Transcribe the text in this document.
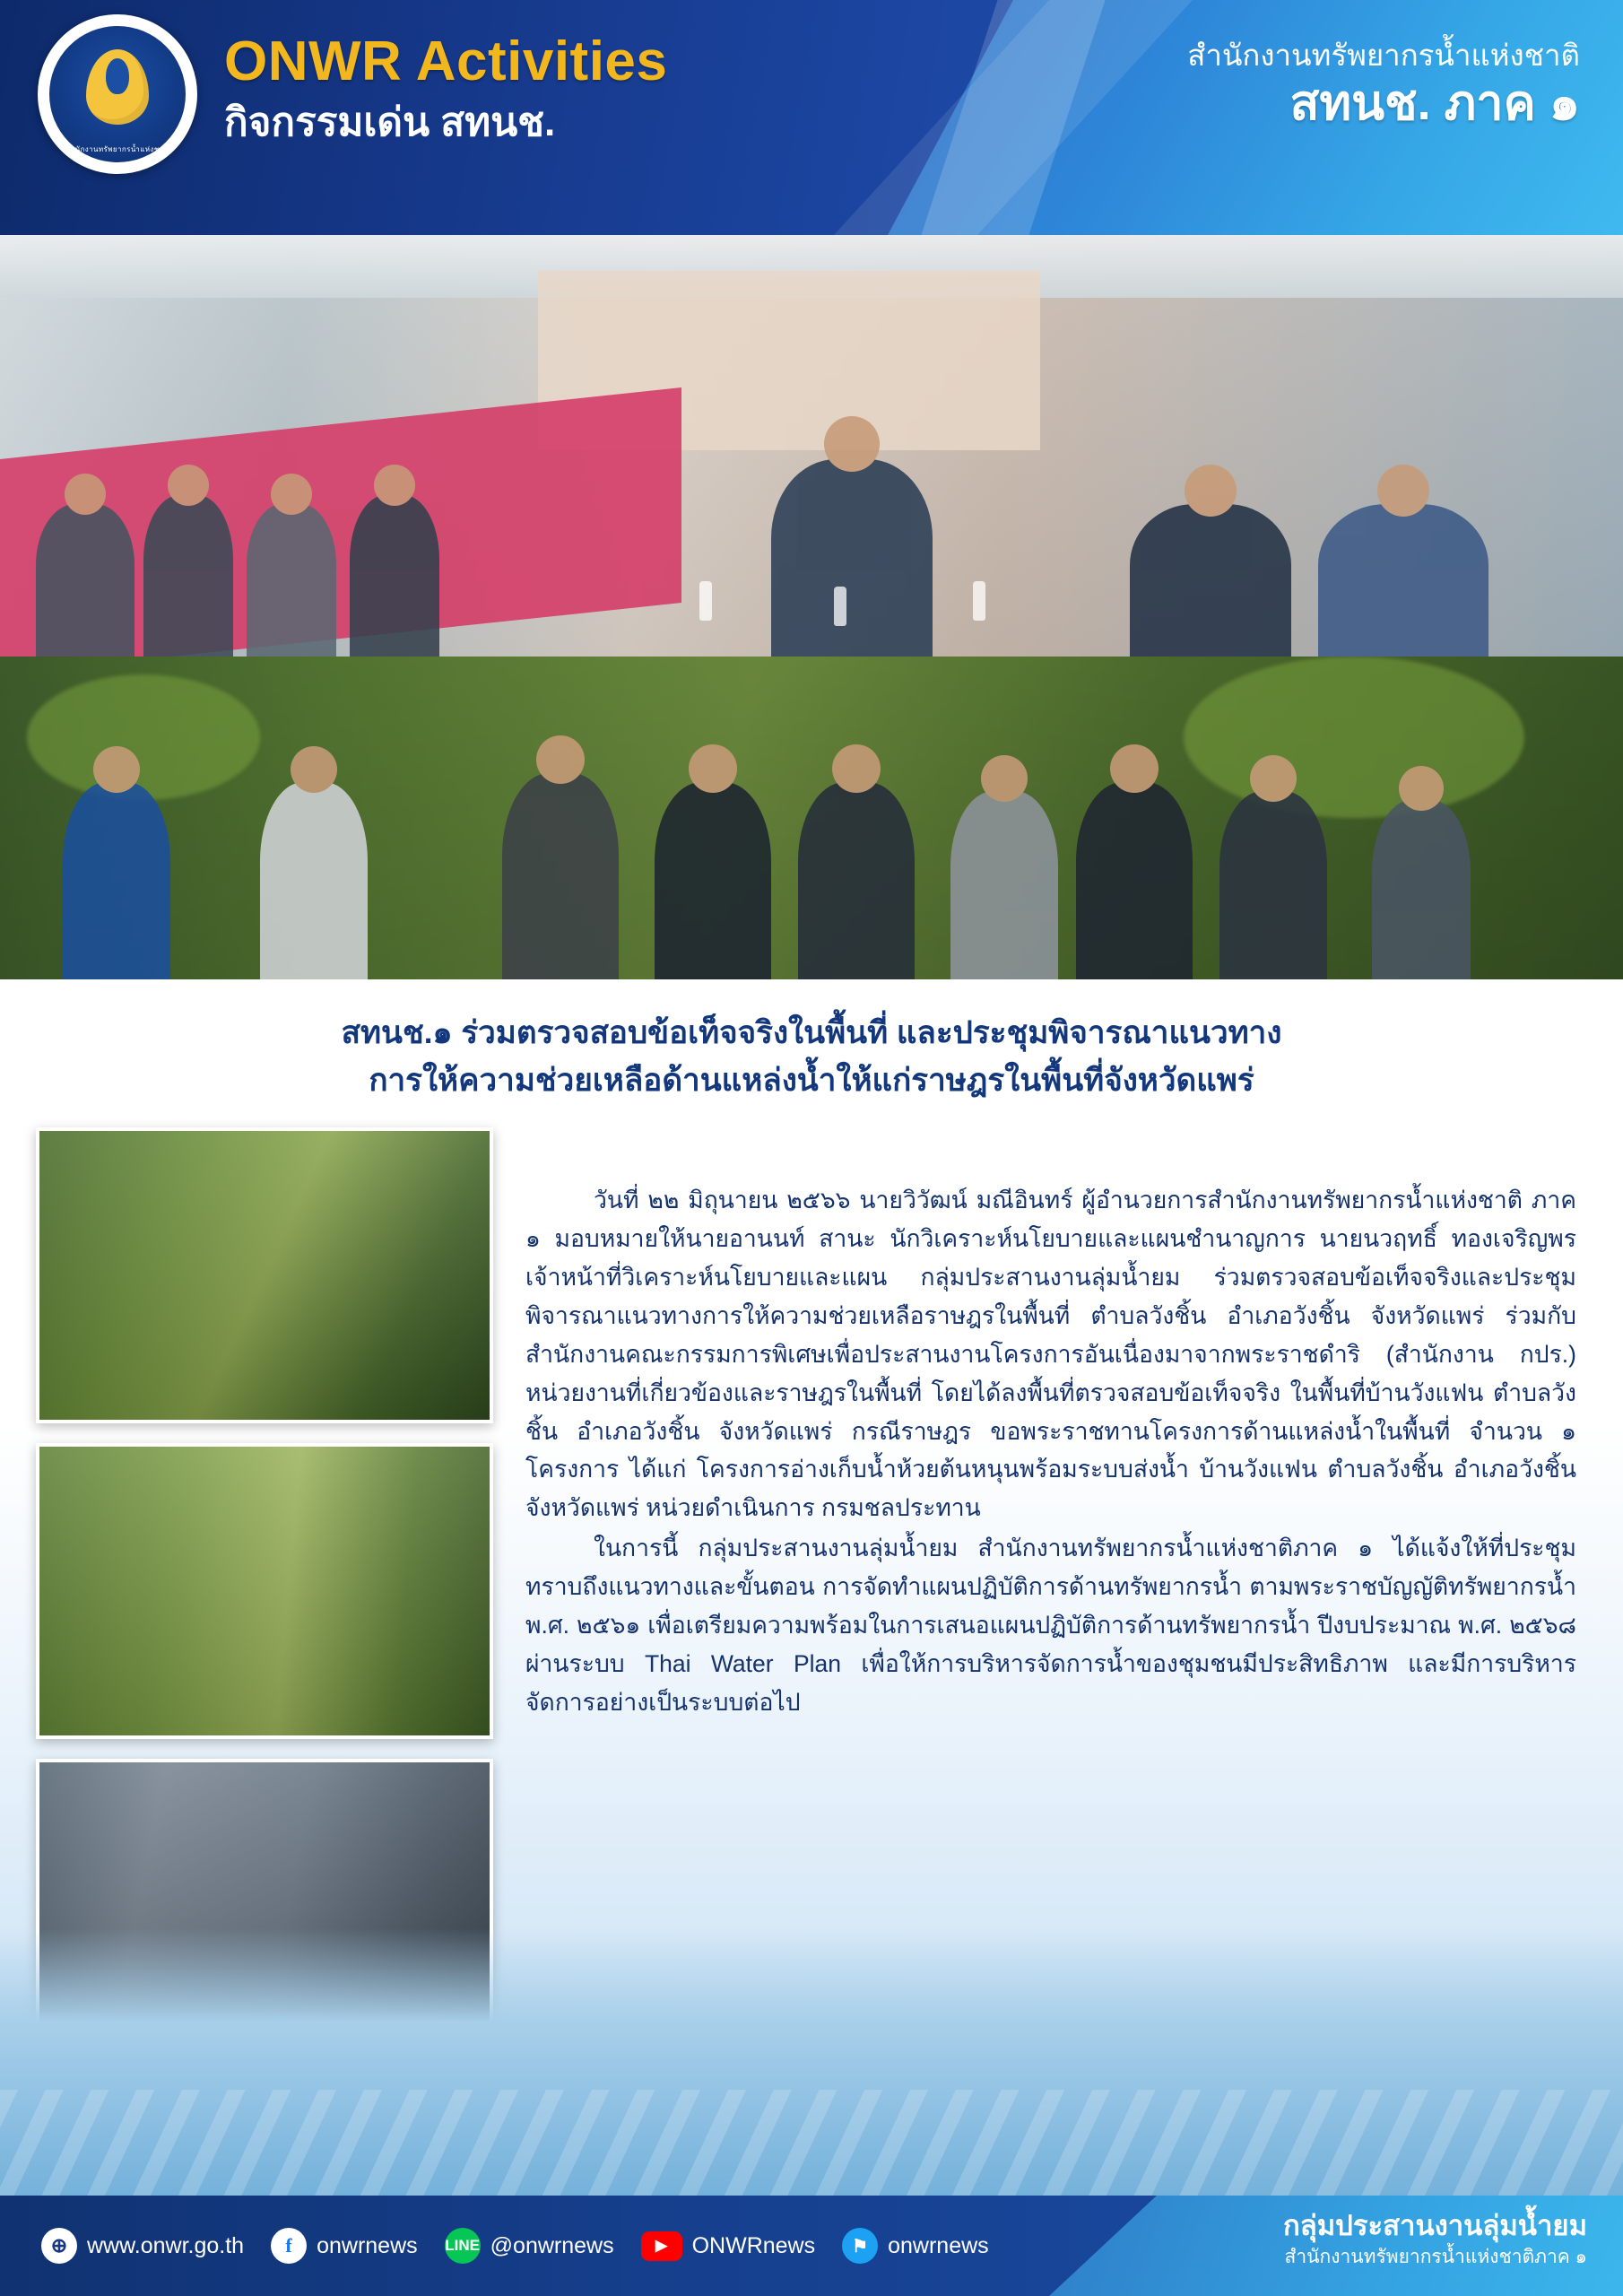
สำนักงานทรัพยากรน้ำแห่งชาติ
ONWR Activities
กิจกรรมเด่น สทนช.
สำนักงานทรัพยากรน้ำแห่งชาติ
สทนช. ภาค ๑
สทนช.๑ ร่วมตรวจสอบข้อเท็จจริงในพื้นที่ และประชุมพิจารณาแนวทาง
การให้ความช่วยเหลือด้านแหล่งน้ำให้แก่ราษฎรในพื้นที่จังหวัดแพร่

วันที่ ๒๒ มิถุนายน ๒๕๖๖ นายวิวัฒน์ มณีอินทร์ ผู้อำนวยการสำนักงานทรัพยากรน้ำแห่งชาติ ภาค ๑ มอบหมายให้นายอานนท์ สานะ นักวิเคราะห์นโยบายและแผนชำนาญการ นายนวฤทธิ์ ทองเจริญพร เจ้าหน้าที่วิเคราะห์นโยบายและแผน กลุ่มประสานงานลุ่มน้ำยม ร่วมตรวจสอบข้อเท็จจริงและประชุมพิจารณาแนวทางการให้ความช่วยเหลือราษฎรในพื้นที่ ตำบลวังชิ้น อำเภอวังชิ้น จังหวัดแพร่ ร่วมกับสำนักงานคณะกรรมการพิเศษเพื่อประสานงานโครงการอันเนื่องมาจากพระราชดำริ (สำนักงาน กปร.) หน่วยงานที่เกี่ยวข้องและราษฎรในพื้นที่ โดยได้ลงพื้นที่ตรวจสอบข้อเท็จจริง ในพื้นที่บ้านวังแฟน ตำบลวังชิ้น อำเภอวังชิ้น จังหวัดแพร่ กรณีราษฎร ขอพระราชทานโครงการด้านแหล่งน้ำในพื้นที่ จำนวน ๑ โครงการ ได้แก่ โครงการอ่างเก็บน้ำห้วยต้นหนุนพร้อมระบบส่งน้ำ บ้านวังแฟน ตำบลวังชิ้น อำเภอวังชิ้น จังหวัดแพร่ หน่วยดำเนินการ กรมชลประทาน

ในการนี้ กลุ่มประสานงานลุ่มน้ำยม สำนักงานทรัพยากรน้ำแห่งชาติภาค ๑ ได้แจ้งให้ที่ประชุมทราบถึงแนวทางและขั้นตอน การจัดทำแผนปฏิบัติการด้านทรัพยากรน้ำ ตามพระราชบัญญัติทรัพยากรน้ำ พ.ศ. ๒๕๖๑ เพื่อเตรียมความพร้อมในการเสนอแผนปฏิบัติการด้านทรัพยากรน้ำ ปีงบประมาณ พ.ศ. ๒๕๖๘ ผ่านระบบ Thai Water Plan เพื่อให้การบริหารจัดการน้ำของชุมชนมีประสิทธิภาพ และมีการบริหารจัดการอย่างเป็นระบบต่อไป

⊕ www.onwr.go.th	f	onwrnews LINE @onwrnews	▶	ONWRnews	⚑ onwrnews
กลุ่มประสานงานลุ่มน้ำยม
สำนักงานทรัพยากรน้ำแห่งชาติภาค ๑
